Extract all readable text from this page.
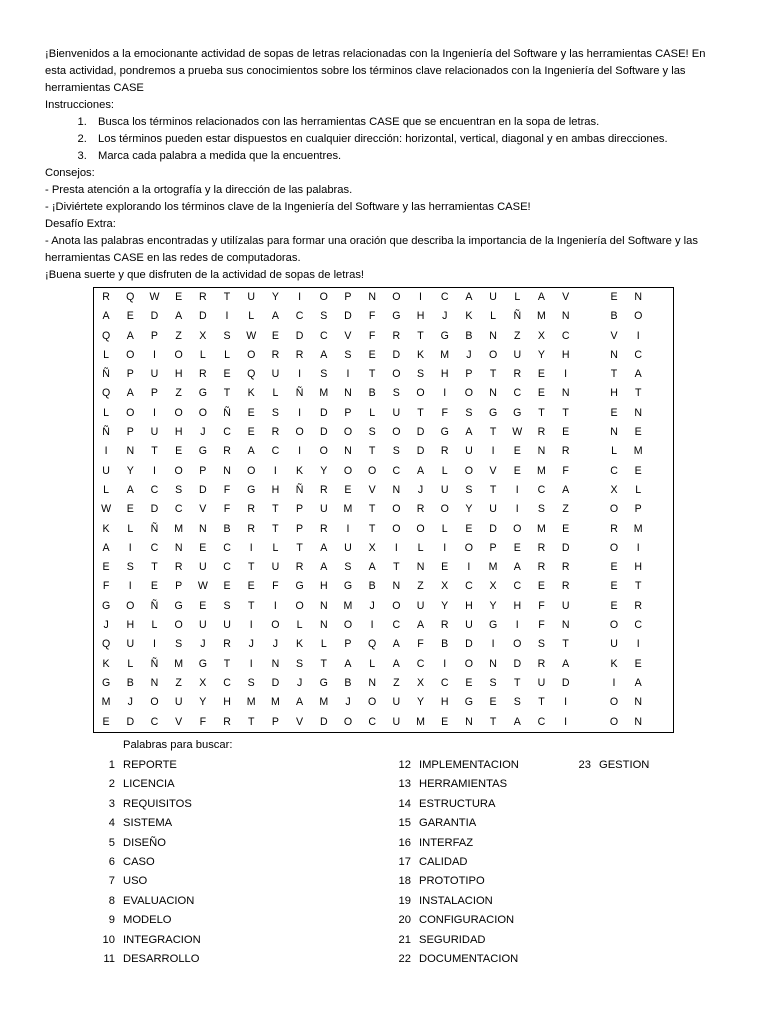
¡Bienvenidos a la emocionante actividad de sopas de letras relacionadas con la Ingeniería del Software y las herramientas CASE! En esta actividad, pondremos a prueba sus conocimientos sobre los términos clave relacionados con la Ingeniería del Software y las herramientas CASE

Instrucciones:

1. Busca los términos relacionados con las herramientas CASE que se encuentran en la sopa de letras.
2. Los términos pueden estar dispuestos en cualquier dirección: horizontal, vertical, diagonal y en ambas direcciones.
3. Marca cada palabra a medida que la encuentres.

Consejos:

- Presta atención a la ortografía y la dirección de las palabras.

- ¡Diviértete explorando los términos clave de la Ingeniería del Software y las herramientas CASE!

Desafío Extra:

- Anota las palabras encontradas y utilízalas para formar una oración que describa la importancia de la Ingeniería del Software y las herramientas CASE en las redes de computadoras.

¡Buena suerte y que disfruten de la actividad de sopas de letras!

R	Q	W	E	R	T	U	Y	I	O	P	N	O	I	C	A	U	L	A	V	E	N
A	E	D	A	D	I	L	A	C	S	D	F	G	H	J	K	L	Ñ	M	N	B	O
Q	A	P	Z	X	S	W	E	D	C	V	F	R	T	G	B	N	Z	X	C	V	I
L	O	I	O	L	L	O	R	R	A	S	E	D	K	M	J	O	U	Y	H	N	C
Ñ	P	U	H	R	E	Q	U	I	S	I	T	O	S	H	P	T	R	E	I	T	A
Q	A	P	Z	G	T	K	L	Ñ	M	N	B	S	O	I	O	N	C	E	N	H	T
L	O	I	O	O	Ñ	E	S	I	D	P	L	U	T	F	S	G	G	T	T	E	N
Ñ	P	U	H	J	C	E	R	O	D	O	S	O	D	G	A	T	W	R	E	N	E
I	N	T	E	G	R	A	C	I	O	N	T	S	D	R	U	I	E	N	R	L	M
U	Y	I	O	P	N	O	I	K	Y	O	O	C	A	L	O	V	E	M	F	C	E
L	A	C	S	D	F	G	H	Ñ	R	E	V	N	J	U	S	T	I	C	A	X	L
W	E	D	C	V	F	R	T	P	U	M	T	O	R	O	Y	U	I	S	Z	O	P
K	L	Ñ	M	N	B	R	T	P	R	I	T	O	O	L	E	D	O	M	E	R	M
A	I	C	N	E	C	I	L	T	A	U	X	I	L	I	O	P	E	R	D	O	I
E	S	T	R	U	C	T	U	R	A	S	A	T	N	E	I	M	A	R	R	E	H
F	I	E	P	W	E	E	F	G	H	G	B	N	Z	X	C	X	C	E	R	E	T
G	O	Ñ	G	E	S	T	I	O	N	M	J	O	U	Y	H	Y	H	F	U	E	R
J	H	L	O	U	U	I	O	L	N	O	I	C	A	R	U	G	I	F	N	O	C
Q	U	I	S	J	R	J	J	K	L	P	Q	A	F	B	D	I	O	S	T	U	I
K	L	Ñ	M	G	T	I	N	S	T	A	L	A	C	I	O	N	D	R	A	K	E
G	B	N	Z	X	C	S	D	J	G	B	N	Z	X	C	E	S	T	U	D	I	A
M	J	O	U	Y	H	M	M	A	M	J	O	U	Y	H	G	E	S	T	I	O	N
E	D	C	V	F	R	T	P	V	D	O	C	U	M	E	N	T	A	C	I	O	N
Palabras para buscar:
1 REPORTE
2 LICENCIA
3 REQUISITOS
4 SISTEMA
5 DISEÑO
6 CASO
7 USO
8 EVALUACION
9 MODELO
10 INTEGRACION
11 DESARROLLO
12 IMPLEMENTACION
13 HERRAMIENTAS
14 ESTRUCTURA
15 GARANTIA
16 INTERFAZ
17 CALIDAD
18 PROTOTIPO
19 INSTALACION
20 CONFIGURACION
21 SEGURIDAD
22 DOCUMENTACION
23 GESTION
